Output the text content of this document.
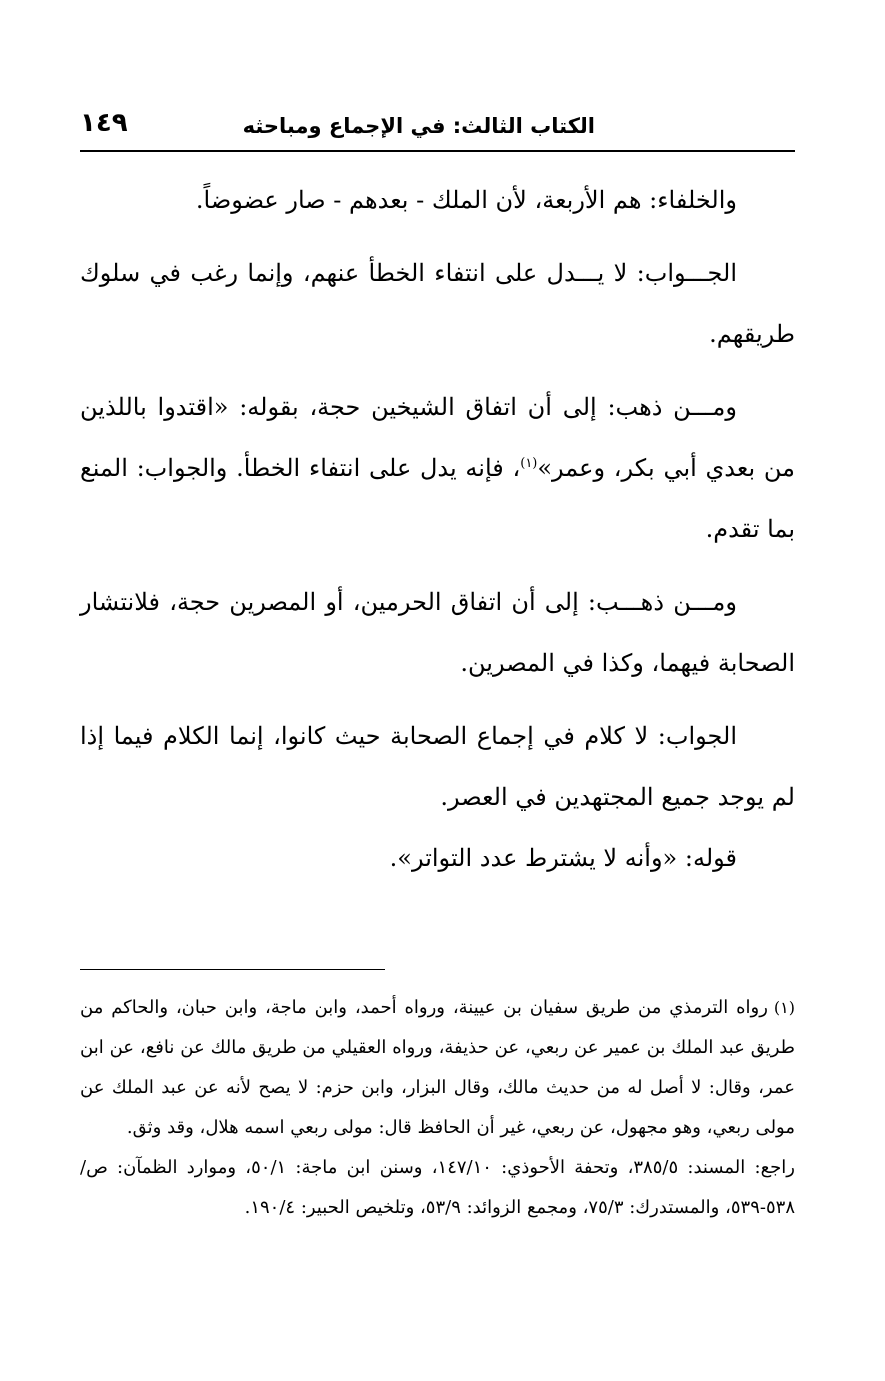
الكتاب الثالث: في الإجماع ومباحثه
١٤٩

والخلفاء: هم الأربعة، لأن الملك - بعدهم - صار عضوضاً.

الجـــواب: لا يـــدل على انتفاء الخطأ عنهم، وإنما رغب في سلوك طريقهم.

ومـــن ذهب: إلى أن اتفاق الشيخين حجة، بقوله: «اقتدوا باللذين من بعدي أبي بكر، وعمر»$^{(١)}$، فإنه يدل على انتفاء الخطأ. والجواب: المنع بما تقدم.

ومـــن ذهـــب: إلى أن اتفاق الحرمين، أو المصرين حجة، فلانتشار الصحابة فيهما، وكذا في المصرين.

الجواب: لا كلام في إجماع الصحابة حيث كانوا، إنما الكلام فيما إذا لم يوجد جميع المجتهدين في العصر.

قوله: «وأنه لا يشترط عدد التواتر».

(١)رواه الترمذي من طريق سفيان بن عيينة، ورواه أحمد، وابن ماجة، وابن حبان، والحاكم من طريق عبد الملك بن عمير عن ربعي، عن حذيفة، ورواه العقيلي من طريق مالك عن نافع، عن ابن عمر، وقال: لا أصل له من حديث مالك، وقال البزار، وابن حزم: لا يصح لأنه عن عبد الملك عن مولى ربعي، وهو مجهول، عن ربعي، غير أن الحافظ قال: مولى ربعي اسمه هلال، وقد وثق.

راجع: المسند: ٣٨٥/٥، وتحفة الأحوذي: ١٤٧/١٠، وسنن ابن ماجة: ٥٠/١، وموارد الظمآن: ص/٥٣٨-٥٣٩، والمستدرك: ٧٥/٣، ومجمع الزوائد: ٥٣/٩، وتلخيص الحبير: ١٩٠/٤.
